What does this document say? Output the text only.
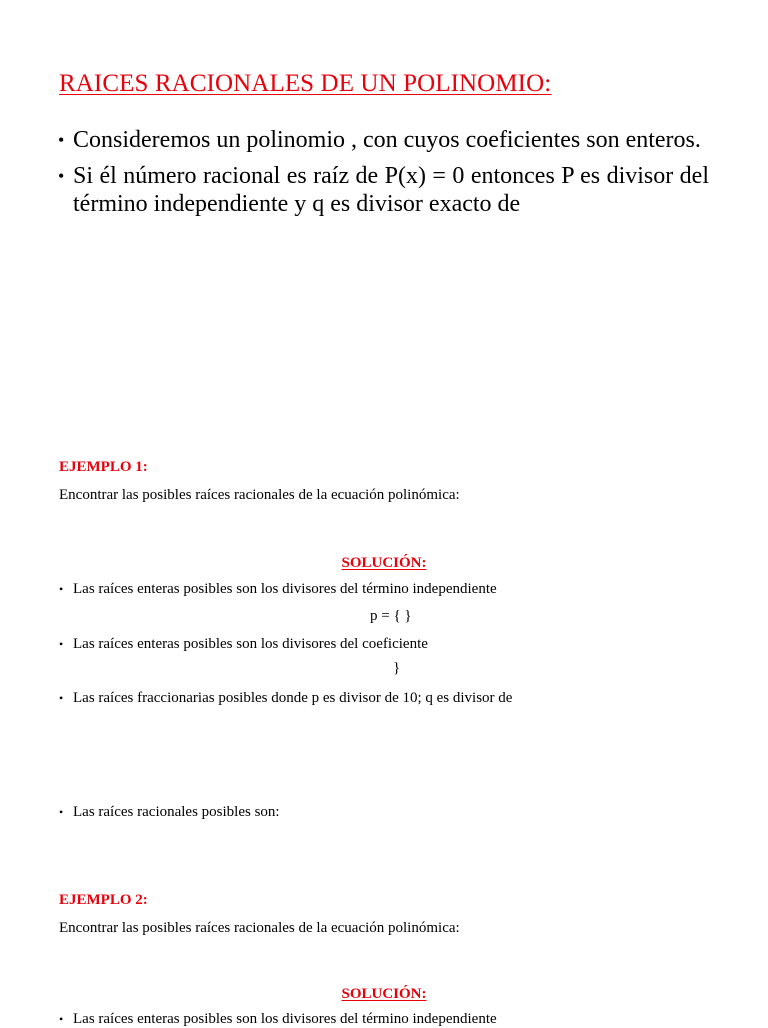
RAICES RACIONALES DE UN POLINOMIO:
• Consideremos un polinomio , con cuyos coeficientes son enteros.
• Si él número racional es raíz de P(x) = 0 entonces P es divisor del término independiente y q es divisor exacto de
EJEMPLO 1:
Encontrar las posibles raíces racionales de la ecuación polinómica:
SOLUCIÓN:
• Las raíces enteras posibles son los divisores del término independiente
p = { }
• Las raíces enteras posibles son los divisores del coeficiente
}
• Las raíces fraccionarias posibles donde p es divisor de 10; q es divisor de
• Las raíces racionales posibles son:
EJEMPLO 2:
Encontrar las posibles raíces racionales de la ecuación polinómica:
SOLUCIÓN:
• Las raíces enteras posibles son los divisores del término independiente
